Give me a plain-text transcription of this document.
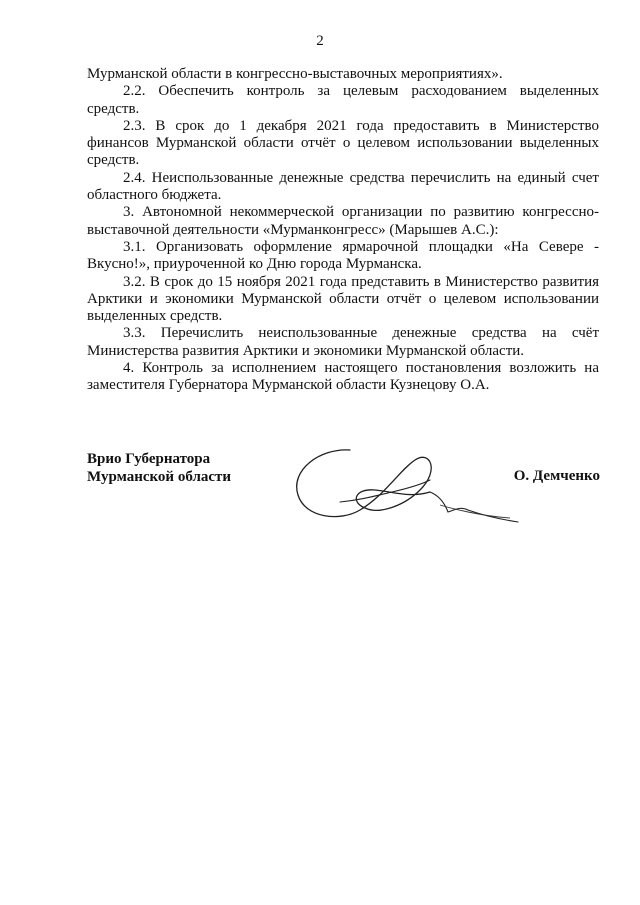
2

Мурманской области в конгрессно-выставочных мероприятиях».

2.2. Обеспечить контроль за целевым расходованием выделенных средств.

2.3. В срок до 1 декабря 2021 года предоставить в Министерство финансов Мурманской области отчёт о целевом использовании выделенных средств.

2.4. Неиспользованные денежные средства перечислить на единый счет областного бюджета.

3. Автономной некоммерческой организации по развитию конгрессно-выставочной деятельности «Мурманконгресс» (Марышев А.С.):

3.1. Организовать оформление ярмарочной площадки «На Севере - Вкусно!», приуроченной ко Дню города Мурманска.

3.2. В срок до 15 ноября 2021 года представить в Министерство развития Арктики и экономики Мурманской области отчёт о целевом использовании выделенных средств.

3.3. Перечислить неиспользованные денежные средства на счёт Министерства развития Арктики и экономики Мурманской области.

4. Контроль за исполнением настоящего постановления возложить на заместителя Губернатора Мурманской области Кузнецову О.А.

Врио Губернатора
Мурманской области	О. Демченко
